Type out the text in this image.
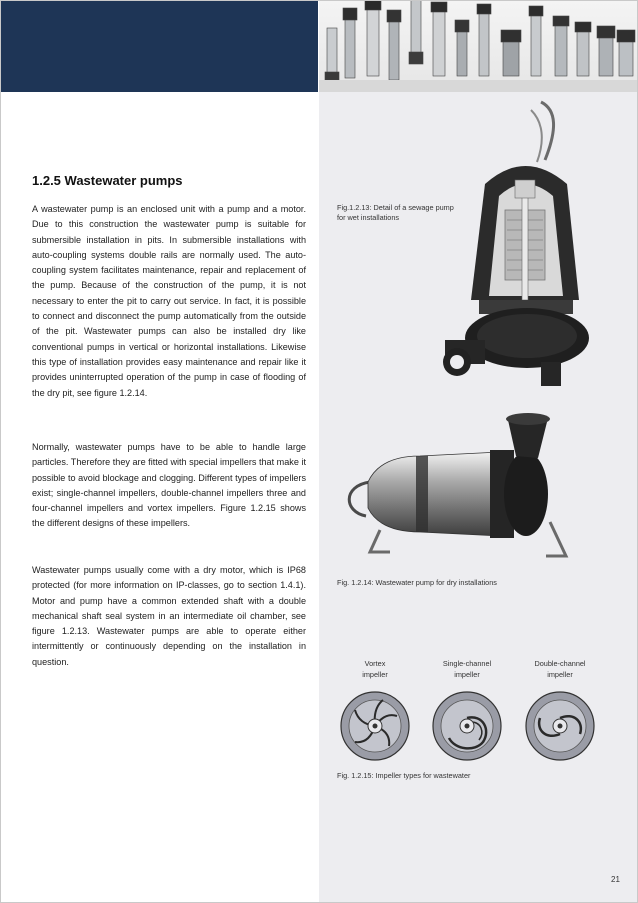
1.2.5 Wastewater pumps

A wastewater pump is an enclosed unit with a pump and a motor. Due to this construction the wastewater pump is suitable for submersible installation in pits. In submersible installations with auto-coupling systems double rails are normally used. The auto-coupling system facilitates maintenance, repair and replacement of the pump. Because of the construction of the pump, it is not necessary to enter the pit to carry out service. In fact, it is possible to connect and disconnect the pump automatically from the outside of the pit. Wastewater pumps can also be installed dry like conventional pumps in vertical or horizontal installations. Likewise this type of installation provides easy maintenance and repair like it provides uninterrupted operation of the pump in case of flooding of the dry pit, see figure 1.2.14.

Normally, wastewater pumps have to be able to handle large particles. Therefore they are fitted with special impellers that make it possible to avoid blockage and clogging. Different types of impellers exist; single-channel impellers, double-channel impellers three and four-channel impellers and vortex impellers. Figure 1.2.15 shows the different designs of these impellers.

Wastewater pumps usually come with a dry motor, which is IP68 protected (for more information on IP-classes, go to section 1.4.1). Motor and pump have a common extended shaft with a double mechanical shaft seal system in an intermediate oil chamber, see figure 1.2.13. Wastewater pumps are able to operate either intermittently or continuously depending on the installation in question.

Fig.1.2.13: Detail of a sewage pump

for wet installations

Fig. 1.2.14: Wastewater pump for dry installations

Vortex

impeller

Single-channel

impeller

Double-channel

impeller

Fig. 1.2.15: Impeller types for wastewater

21
